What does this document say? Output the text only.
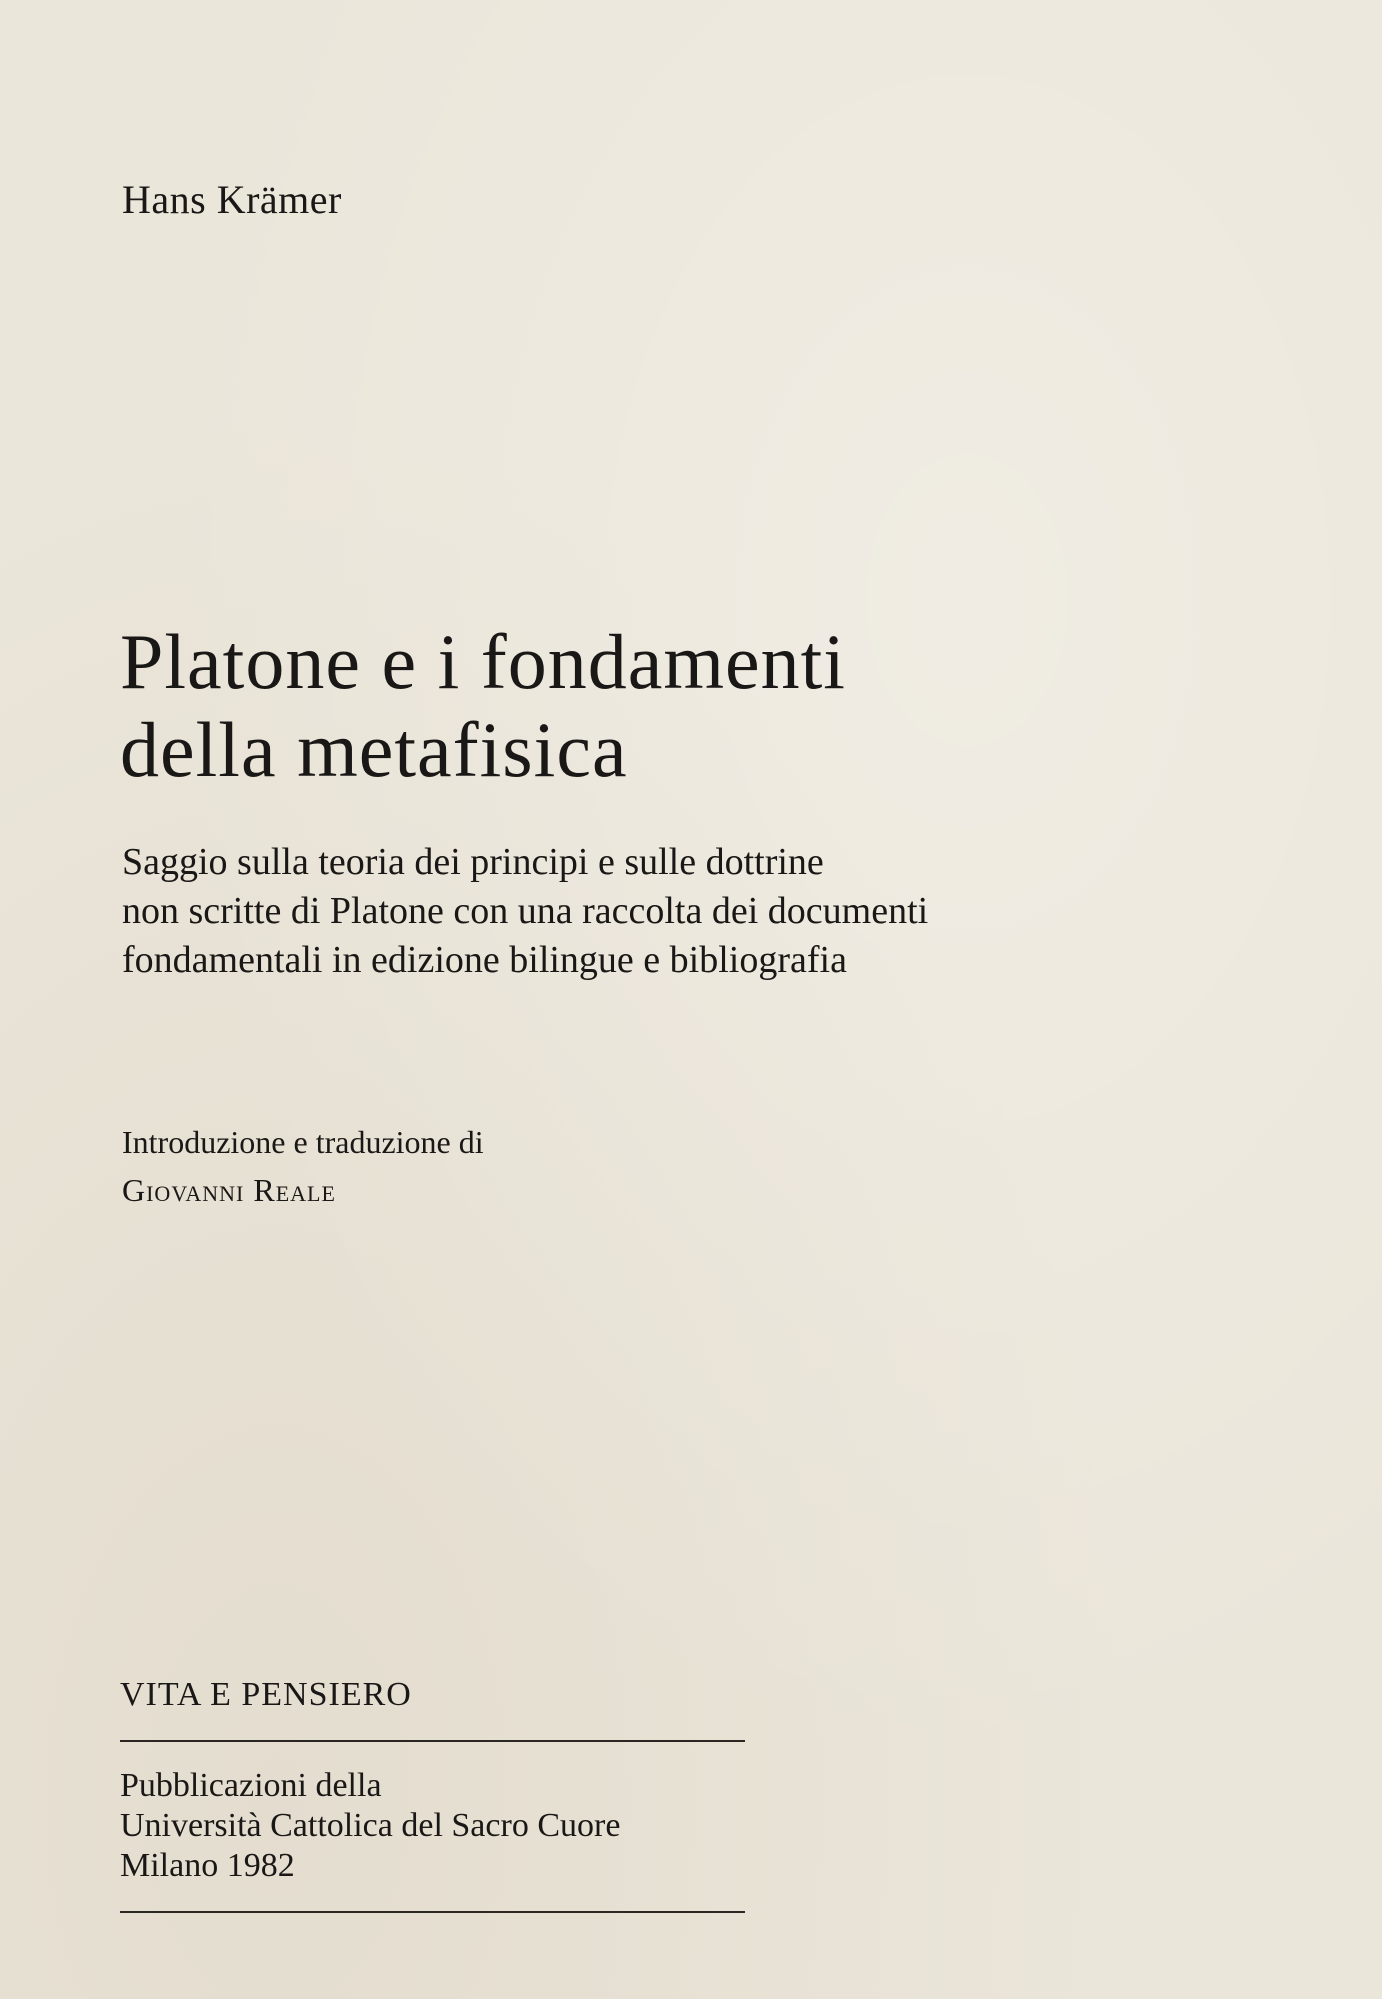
Hans Krämer
Platone e i fondamenti
della metafisica
Saggio sulla teoria dei principi e sulle dottrine
non scritte di Platone con una raccolta dei documenti
fondamentali in edizione bilingue e bibliografia
Introduzione e traduzione di
Giovanni Reale
VITA E PENSIERO
Pubblicazioni della
Università Cattolica del Sacro Cuore
Milano 1982
